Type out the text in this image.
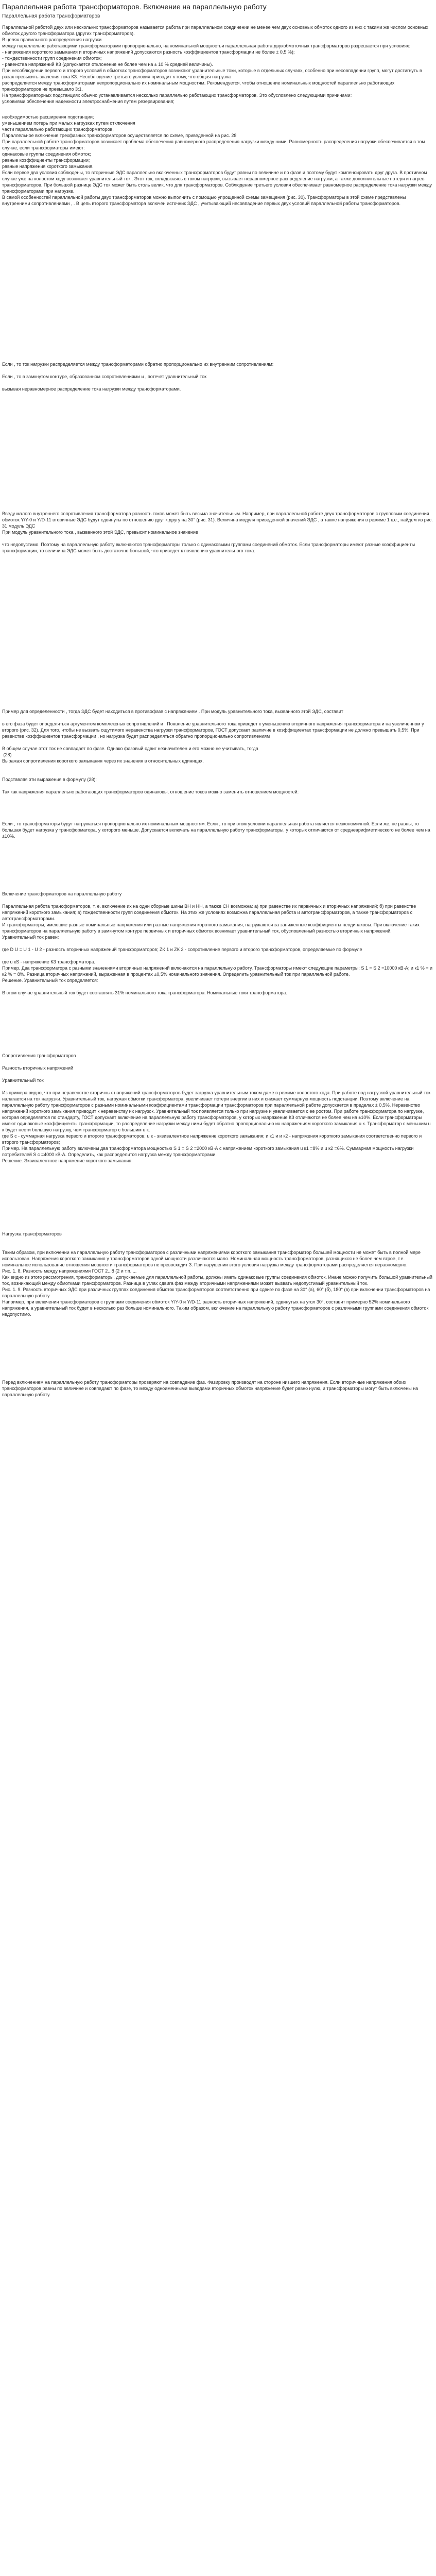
Параллельная работа трансформаторов. Включение на параллельную работу
Параллельная работа трансформаторов

Параллельной работой двух или нескольких трансформаторов называется работа при параллельном соединении не менее чем двух основных обмоток одного из них с такими же числом основных обмоток другого трансформатора (других трансформаторов).
В целях правильного распределения нагрузки
между параллельно работающими трансформаторами пропорционально, на номинальной мощностьи параллельная работа двухобмоточных трансформаторов разрешается при условиях:
- напряжения короткого замыкания и вторичных напряжений допускаются разность коэффициентов трансформации не более ± 0,5 %);
- тождественности групп соединения обмоток;
- равенства напряжений КЗ (допускается отклонение не более чем на ± 10 % средней величины).
При несоблюдении первого и второго условий в обмотках трансформаторов возникают уравнительные токи, которые в отдельных случаях, особенно при несовпадении групп, могут достигнуть в разах превысить значения тока КЗ. Несоблюдение третьего условия приводит к тому, что общая нагрузка
распределяется между трансформаторами непропорционально их номинальным мощностям. Рекомендуется, чтобы отношение номинальных мощностей параллельно работающих трансформаторов не превышало 3:1.
На трансформаторных подстанциях обычно устанавливается несколько параллельно работающих трансформаторов. Это обусловлено следующими причинами:
условиями обеспечения надежности электроснабжения путем резервирования;

необходимостью расширения подстанции;
уменьшением потерь при малых нагрузках путем отключения
части параллельно работающих трансформаторов.
Параллельное включение трехфазных трансформаторов осуществляется по схеме, приведенной на рис. 28
При параллельной работе трансформаторов возникает проблема обеспечения равномерного распределения нагрузки между ними. Равномерность распределения нагрузки обеспечивается в том случае, если трансформаторы имеют:
одинаковые группы соединения обмоток;
равные коэффициенты трансформации;
равные напряжения короткого замыкания.
Если первое два условия соблюдены, то вторичные ЭДС параллельно включенных трансформаторов будут равны по величине и по фазе и поэтому будут компенсировать друг друга. В противном случае уже на холостом ходу возникает уравнительный ток . Этот ток, складываясь с током нагрузки, вызывает неравномерное распределение нагрузки, а также дополнительные потери и нагрев трансформаторов. При большой разнице ЭДС ток может быть столь велик, что для трансформаторов. Соблюдение третьего условия обеспечивает равномерное распределение тока нагрузки между трансформаторами при нагрузке.
В самой особенностей параллельной работы двух трансформаторов можно выполнить с помощью упрощенной схемы замещения (рис. 30). Трансформаторы в этой схеме представлены внутренними сопротивлениями , . В цепь второго трансформатора включен источник ЭДС , учитывающий несовпадение первых двух условий параллельной работы трансформаторов.

Если , то ток нагрузки распределяется между трансформаторами обратно пропорционально их внутренним сопротивлениям:

Если , то в замкнутом контуре, образованном сопротивлениями и , потечет уравнительный ток

вызывая неравномерное распределение тока нагрузки между трансформаторами.

Введу малого внутреннего сопротивления трансформатора разность токов может быть весьма значительным. Например, при параллельной работе двух трансформаторов с групповым соединения обмоток Y/Y-0 и Y/D-11 вторичные ЭДС будут сдвинуты по отношению друг к другу на 30° (рис. 31). Величина модуля приведенной значений ЭДС , а также напряжения в режиме 1 к.е., найдем из рис. 31 модуль ЭДС
При модуль уравнительного тока , вызванного этой ЭДС, превысит номинальное значение

что недопустимо. Поэтому на параллельную работу включаются трансформаторы только с одинаковыми группами соединений обмоток. Если трансформаторы имеют разные коэффициенты трансформации, то величина ЭДС может быть достаточно большой, что приведет к появлению уравнительного тока.

Пример для определенности , тогда ЭДС будет находиться в противофазе с напряжением . При модуль уравнительного тока, вызванного этой ЭДС, составит

в его фаза будет определяться аргументом комплексных сопротивлений и . Появление уравнительного тока приведет к уменьшению вторичного напряжения трансформатора и на увеличенном у второго (рис. 32). Для того, чтобы не вызвать ощутимого неравенства нагрузки трансформаторов, ГОСТ допускает различие в коэффициентах трансформации не должно превышать 0,5%. При равенстве коэффициентов трансформации , но нагрузка будет распределяться обратно пропорционально сопротивлениям

В общем случае этот ток не совпадает по фазе. Однако фазовый сдвиг незначителен и его можно не учитывать, тогда
(28)
Выражая сопротивления короткого замыкания через их значения в относительных единицах,

Подставляя эти выражения в формулу (28):

Так как напряжения параллельно работающих трансформаторов одинаковы, отношение токов можно заменить отношением мощностей:

Если , то трансформаторы будут нагружаться пропорционально их номинальным мощностям. Если , то при этом условии параллельная работа является неэкономичной. Если же, не равны, то большая будет нагрузка у трансформатора, у которого меньше. Допускается включать на параллельную работу трансформаторы, у которых отличаются от среднеарифметического не более чем на ±10%.

Включение трансформаторов на параллельную работу

Параллельная работа трансформаторов, т. е. включение их на одни сборные шины ВН и НН, а также СН возможна: а) при равенстве их первичных и вторичных напряжений; б) при равенстве напряжений короткого замыкания; в) тождественности групп соединения обмоток. На этих же условиях возможна параллельная работа и автотрансформаторов, а также трансформаторов с автотрансформаторами.
И трансформаторы, имеющие разные номинальные напряжения или разные напряжения короткого замыкания, нагружаются за заниженные коэффициенты неодинаковы. При включение таких трансформаторов на параллельную работу в замкнутом контуре первичных и вторичных обмоток возникает уравнительный ток, обусловленный разностью вторичных напряжений.
Уравнительный ток равен:

где D U = U 1 - U 2 - разность вторичных напряжений трансформаторов; ZК 1 и ZК 2 - сопротивление первого и второго трансформаторов, определяемые по формуле

где u кЅ - напряжение КЗ трансформатора.
Пример. Два трансформатора с разными значениями вторичных напряжений включаются на параллельную работу. Трансформаторы имеют следующие параметры: S 1 = S 2 =10000 кВ·А; и к1 % = и к2 % = 8%. Разница вторичных напряжений, выраженная в процентах ±0,5% номинального значения. Определить уравнительный ток при параллельной работе.
Решение. Уравнительный ток определяется:

В этом случае уравнительный ток будет составлять 31% номинального тока трансформатора. Номинальные токи трансформатора.

Сопротивления трансформаторов

Разность вторичных напряжений

Уравнительный ток

Из примера видно, что при неравенстве вторичных напряжений трансформаторов будет загрузка уравнительным током даже в режиме холостого хода. При работе под нагрузкой уравнительный ток налагается на ток нагрузки. Уравнительный ток, нагружая обмотки трансформатора, увеличивает потери энергии в них и снижает суммарную мощность подстанции. Поэтому включение на параллельную работу трансформаторов с разными номинальными коэффициентами трансформации трансформаторов при параллельной работе допускается в пределах ± 0,5%. Неравенство напряжений короткого замыкания приводит к неравенству их нагрузок. Уравнительный ток появляется только при нагрузке и увеличивается с ее ростом. При работе трансформатора по нагрузке, которая определяется по стандарту, ГОСТ допускает включение на параллельную работу трансформаторов, у которых напряжение КЗ отличаются не более чем на ±10%. Если трансформаторы имеют одинаковые коэффициенты трансформации, то распределение нагрузки между ними будет обратно пропорционально их напряжениям короткого замыкания u к. Трансформатор с меньшим u к будет нести большую нагрузку, чем трансформатор с большим u к.
где S с - суммарная нагрузка первого и второго трансформаторов; u к - эквивалентное напряжение короткого замыкания; и к1 и и к2 - напряжения короткого замыкания соответственно первого и второго трансформаторов;
Пример. На параллельную работу включены два трансформатора мощностью S 1 = S 2 =2000 кВ·А с напряжением короткого замыкания u к1 =8% и u к2 =6%. Суммарная мощность нагрузки потребителей S с =4000 кВ·А. Определить, как распределится нагрузка между трансформаторами.
Решение. Эквивалентное напряжение короткого замыкания

Нагрузка трансформаторов

Таким образом, при включении на параллельную работу трансформаторов с различными напряжениями короткого замыкания трансформатор большей мощности не может быть в полной мере использован. Напряжения короткого замыкания у трансформаторов одной мощности различаются мало. Номинальная мощность трансформаторов, разнящихся не более чем втрое, т.е. номинальное использование отношения мощности трансформаторов не превосходит 3. При нарушении этого условия нагрузка между трансформаторами распределяется неравномерно.
Рис. 1. 8. Разность между напряжениями ГОСТ 2...8 (2 и т.п. ...
Как видно из этого рассмотрения, трансформаторы, допускаемые для параллельной работы, должны иметь одинаковые группы соединения обмоток. Иначе можно получить большой уравнительный ток, возникающий между обмотками трансформаторов. Разница в углах сдвига фаз между вторичными напряжениями может вызвать недопустимый уравнительный ток.
Рис. 1. 9. Разность вторичных ЭДС при различных группах соединения обмоток трансформаторов соответственно при сдвиге по фазе на 30° (а), 60° (б), 180° (в) при включении трансформаторов на параллельную работу.
Например, при включении трансформаторов с группами соединения обмоток Y/Y-0 и Y/D-11 разность вторичных напряжений, сдвинутых на угол 30°, составит примерно 52% номинального напряжения, а уравнительный ток будет в несколько раз больше номинального. Таким образом, включение на параллельную работу трансформаторов с различными группами соединения обмоток недопустимо.

Перед включением на параллельную работу трансформаторы проверяют на совпадение фаз. Фазировку производят на стороне низшего напряжения. Если вторичные напряжения обоих трансформаторов равны по величине и совпадают по фазе, то между одноименными выводами вторичных обмоток напряжение будет равно нулю, и трансформаторы могут быть включены на параллельную работу.
